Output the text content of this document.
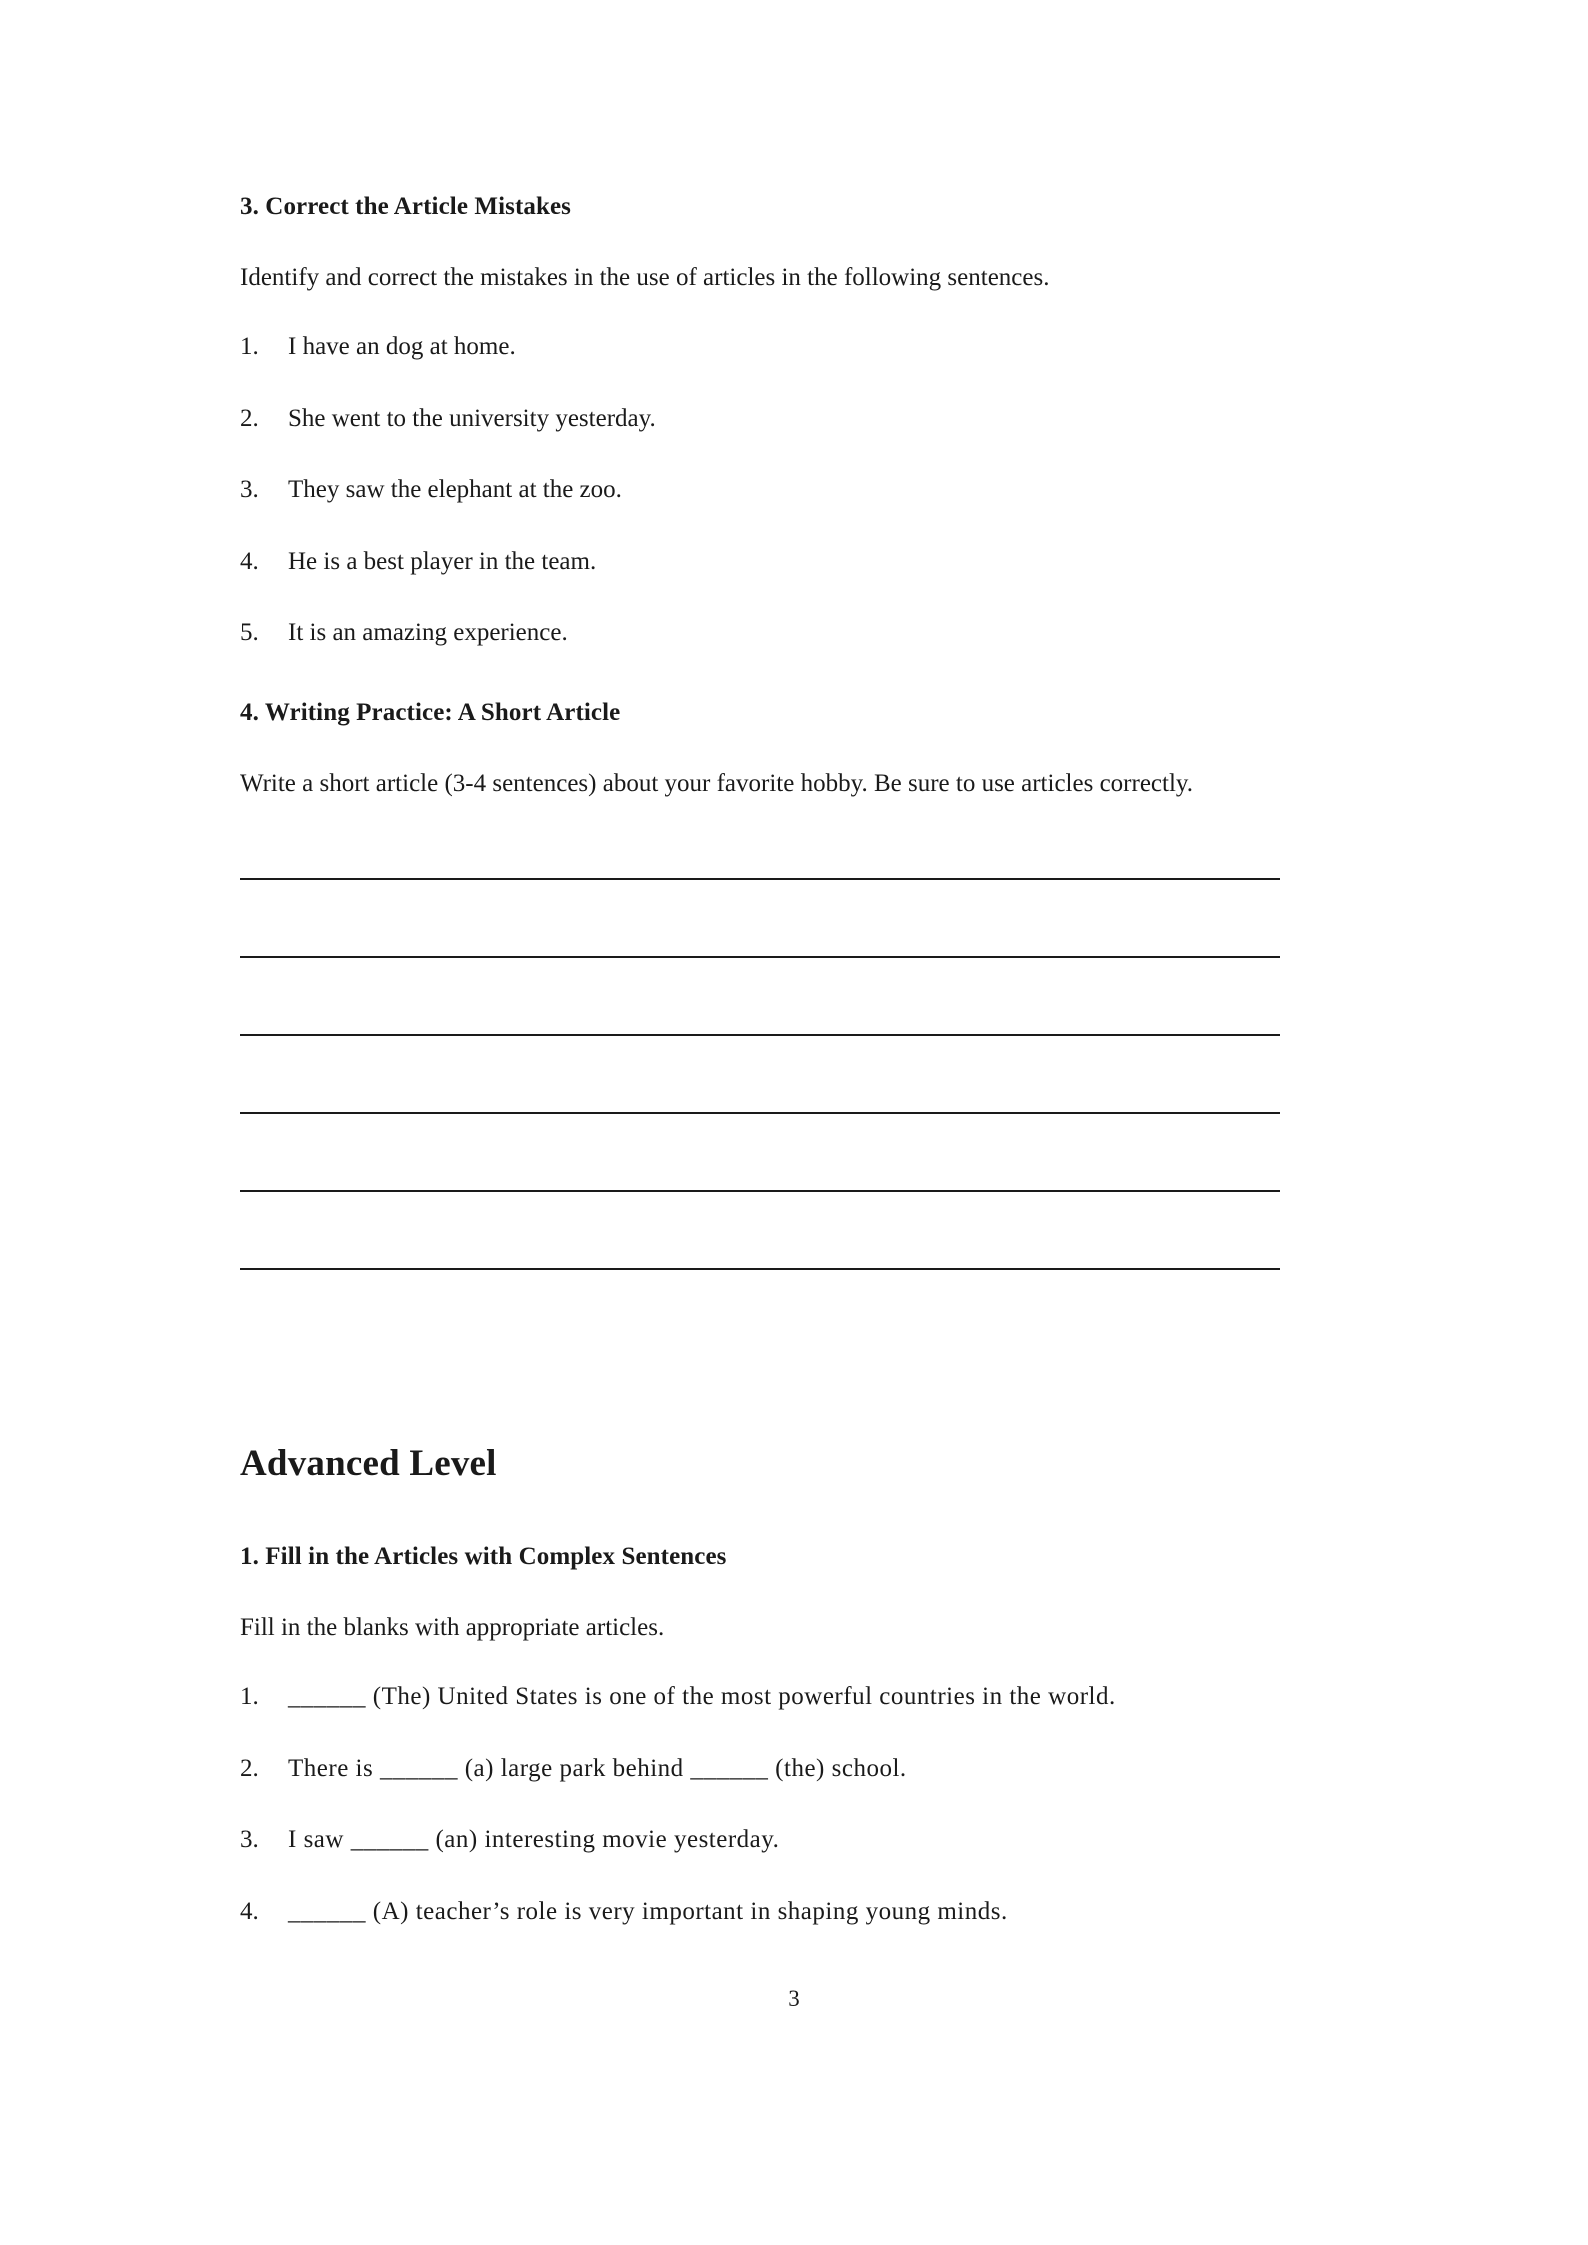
3. Correct the Article Mistakes

Identify and correct the mistakes in the use of articles in the following sentences.

1.	I have an dog at home.
2.	She went to the university yesterday.
3.	They saw the elephant at the zoo.
4.	He is a best player in the team.
5.	It is an amazing experience.
4. Writing Practice: A Short Article

Write a short article (3-4 sentences) about your favorite hobby. Be sure to use articles correctly.

Advanced Level
1. Fill in the Articles with Complex Sentences

Fill in the blanks with appropriate articles.

1.	______ (The) United States is one of the most powerful countries in the world.
2.	There is ______ (a) large park behind ______ (the) school.
3.	I saw ______ (an) interesting movie yesterday.
4.	______ (A) teacher’s role is very important in shaping young minds.
3
